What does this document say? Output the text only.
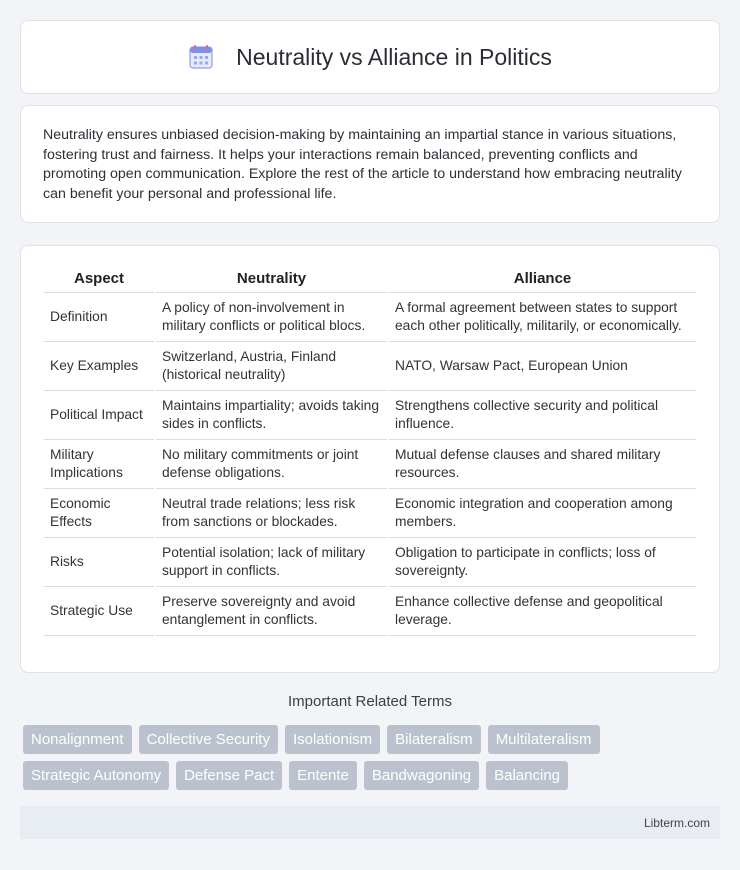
Neutrality vs Alliance in Politics

Neutrality ensures unbiased decision-making by maintaining an impartial stance in various situations, fostering trust and fairness. It helps your interactions remain balanced, preventing conflicts and promoting open communication. Explore the rest of the article to understand how embracing neutrality can benefit your personal and professional life.

Aspect	Neutrality	Alliance
Definition	A policy of non-involvement in military conflicts or political blocs.	A formal agreement between states to support each other politically, militarily, or economically.
Key Examples	Switzerland, Austria, Finland (historical neutrality)	NATO, Warsaw Pact, European Union
Political Impact	Maintains impartiality; avoids taking sides in conflicts.	Strengthens collective security and political influence.
Military Implications	No military commitments or joint defense obligations.	Mutual defense clauses and shared military resources.
Economic Effects	Neutral trade relations; less risk from sanctions or blockades.	Economic integration and cooperation among members.
Risks	Potential isolation; lack of military support in conflicts.	Obligation to participate in conflicts; loss of sovereignty.
Strategic Use	Preserve sovereignty and avoid entanglement in conflicts.	Enhance collective defense and geopolitical leverage.
Important Related Terms
Nonalignment	Collective Security	Isolationism	Bilateralism	Multilateralism
Strategic Autonomy	Defense Pact	Entente	Bandwagoning	Balancing
Libterm.com
